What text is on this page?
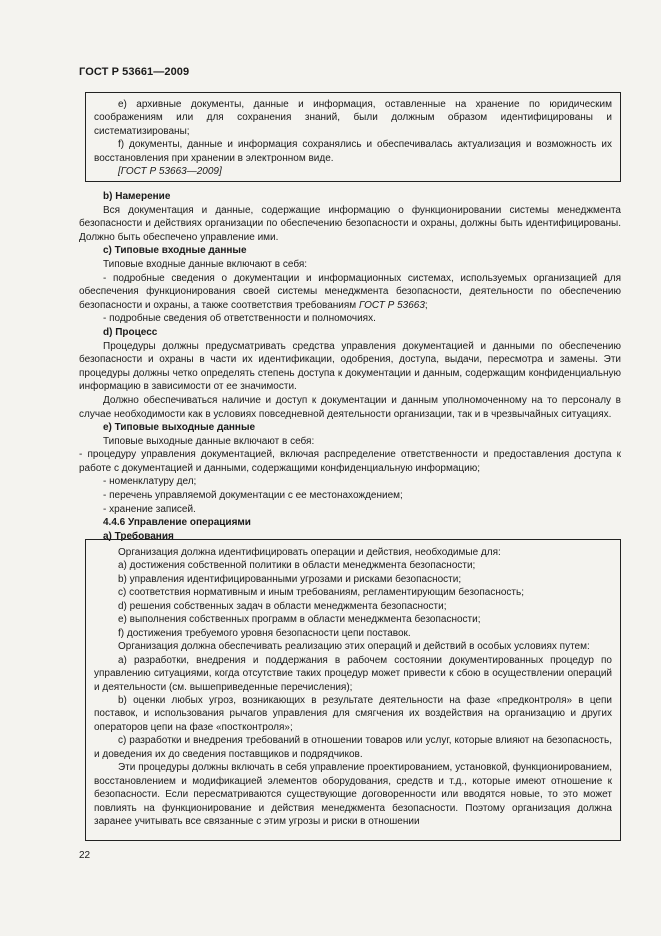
ГОСТ Р 53661—2009

e) архивные документы, данные и информация, оставленные на хранение по юридическим соображениям или для сохранения знаний, были должным образом идентифицированы и систематизированы;

f) документы, данные и информация сохранялись и обеспечивалась актуализация и возможность их восстановления при хранении в электронном виде.

[ГОСТ Р 53663—2009]

b) Намерение

Вся документация и данные, содержащие информацию о функционировании системы менеджмента безопасности и действиях организации по обеспечению безопасности и охраны, должны быть идентифицированы. Должно быть обеспечено управление ими.

c) Типовые входные данные

Типовые входные данные включают в себя:

- подробные сведения о документации и информационных системах, используемых организацией для обеспечения функционирования своей системы менеджмента безопасности, деятельности по обеспечению безопасности и охраны, а также соответствия требованиям ГОСТ Р 53663;

- подробные сведения об ответственности и полномочиях.

d) Процесс

Процедуры должны предусматривать средства управления документацией и данными по обеспечению безопасности и охраны в части их идентификации, одобрения, доступа, выдачи, пересмотра и замены. Эти процедуры должны четко определять степень доступа к документации и данным, содержащим конфиденциальную информацию в зависимости от ее значимости.

Должно обеспечиваться наличие и доступ к документации и данным уполномоченному на то персоналу в случае необходимости как в условиях повседневной деятельности организации, так и в чрезвычайных ситуациях.

e) Типовые выходные данные

Типовые выходные данные включают в себя:

- процедуру управления документацией, включая распределение ответственности и предоставления доступа к работе с документацией и данными, содержащими конфиденциальную информацию;

- номенклатуру дел;

- перечень управляемой документации с ее местонахождением;

- хранение записей.

4.4.6 Управление операциями

a) Требования

Организация должна идентифицировать операции и действия, необходимые для:

a) достижения собственной политики в области менеджмента безопасности;

b) управления идентифицированными угрозами и рисками безопасности;

c) соответствия нормативным и иным требованиям, регламентирующим безопасность;

d) решения собственных задач в области менеджмента безопасности;

e) выполнения собственных программ в области менеджмента безопасности;

f) достижения требуемого уровня безопасности цепи поставок.

Организация должна обеспечивать реализацию этих операций и действий в особых условиях путем:

a) разработки, внедрения и поддержания в рабочем состоянии документированных процедур по управлению ситуациями, когда отсутствие таких процедур может привести к сбою в осуществлении операций и деятельности (см. вышеприведенные перечисления);

b) оценки любых угроз, возникающих в результате деятельности на фазе «предконтроля» в цепи поставок, и использования рычагов управления для смягчения их воздействия на организацию и других операторов цепи на фазе «постконтроля»;

c) разработки и внедрения требований в отношении товаров или услуг, которые влияют на безопасность, и доведения их до сведения поставщиков и подрядчиков.

Эти процедуры должны включать в себя управление проектированием, установкой, функционированием, восстановлением и модификацией элементов оборудования, средств и т.д., которые имеют отношение к безопасности. Если пересматриваются существующие договоренности или вводятся новые, то это может повлиять на функционирование и действия менеджмента безопасности. Поэтому организация должна заранее учитывать все связанные с этим угрозы и риски в отношении

22
